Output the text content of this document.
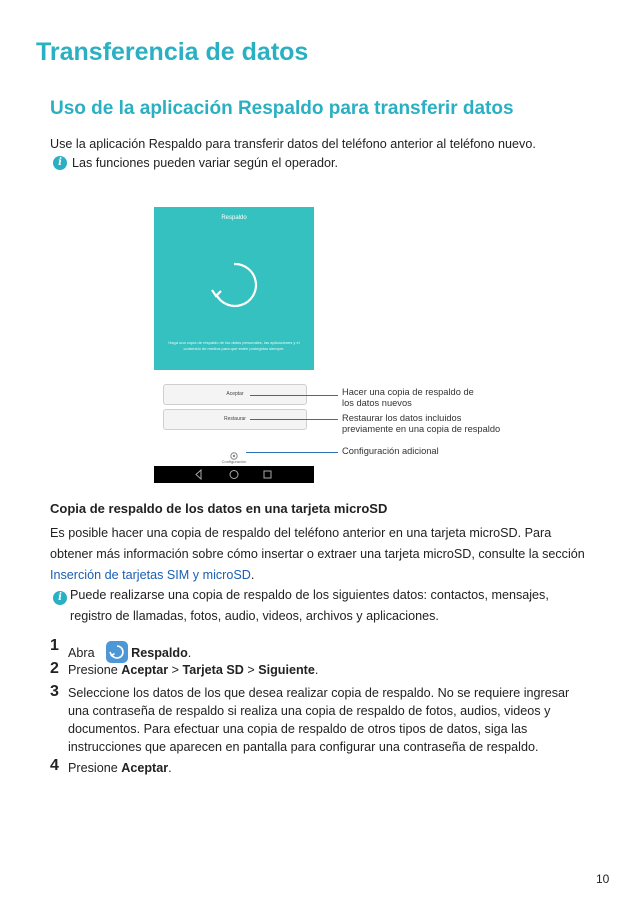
Transferencia de datos
Uso de la aplicación Respaldo para transferir datos
Use la aplicación Respaldo para transferir datos del teléfono anterior al teléfono nuevo.
i Las funciones pueden variar según el operador.
Respaldo
Haga una copia de respaldo de los datos personales, las aplicaciones y el contenido de medios para que estén protegidos siempre.
Aceptar
Restaurar
Configuración
Hacer una copia de respaldo de
los datos nuevos
Restaurar los datos incluidos
previamente en una copia de respaldo
Configuración adicional
Copia de respaldo de los datos en una tarjeta microSD
Es posible hacer una copia de respaldo del teléfono anterior en una tarjeta microSD. Para
obtener más información sobre cómo insertar o extraer una tarjeta microSD, consulte la sección
Inserción de tarjetas SIM y microSD.
i Puede realizarse una copia de respaldo de los siguientes datos: contactos, mensajes,
registro de llamadas, fotos, audio, videos, archivos y aplicaciones.
1 Abra	Respaldo.
2 Presione Aceptar > Tarjeta SD > Siguiente.
3 Seleccione los datos de los que desea realizar copia de respaldo. No se requiere ingresar
una contraseña de respaldo si realiza una copia de respaldo de fotos, audios, videos y
documentos. Para efectuar una copia de respaldo de otros tipos de datos, siga las
instrucciones que aparecen en pantalla para configurar una contraseña de respaldo.
4 Presione Aceptar.
10
